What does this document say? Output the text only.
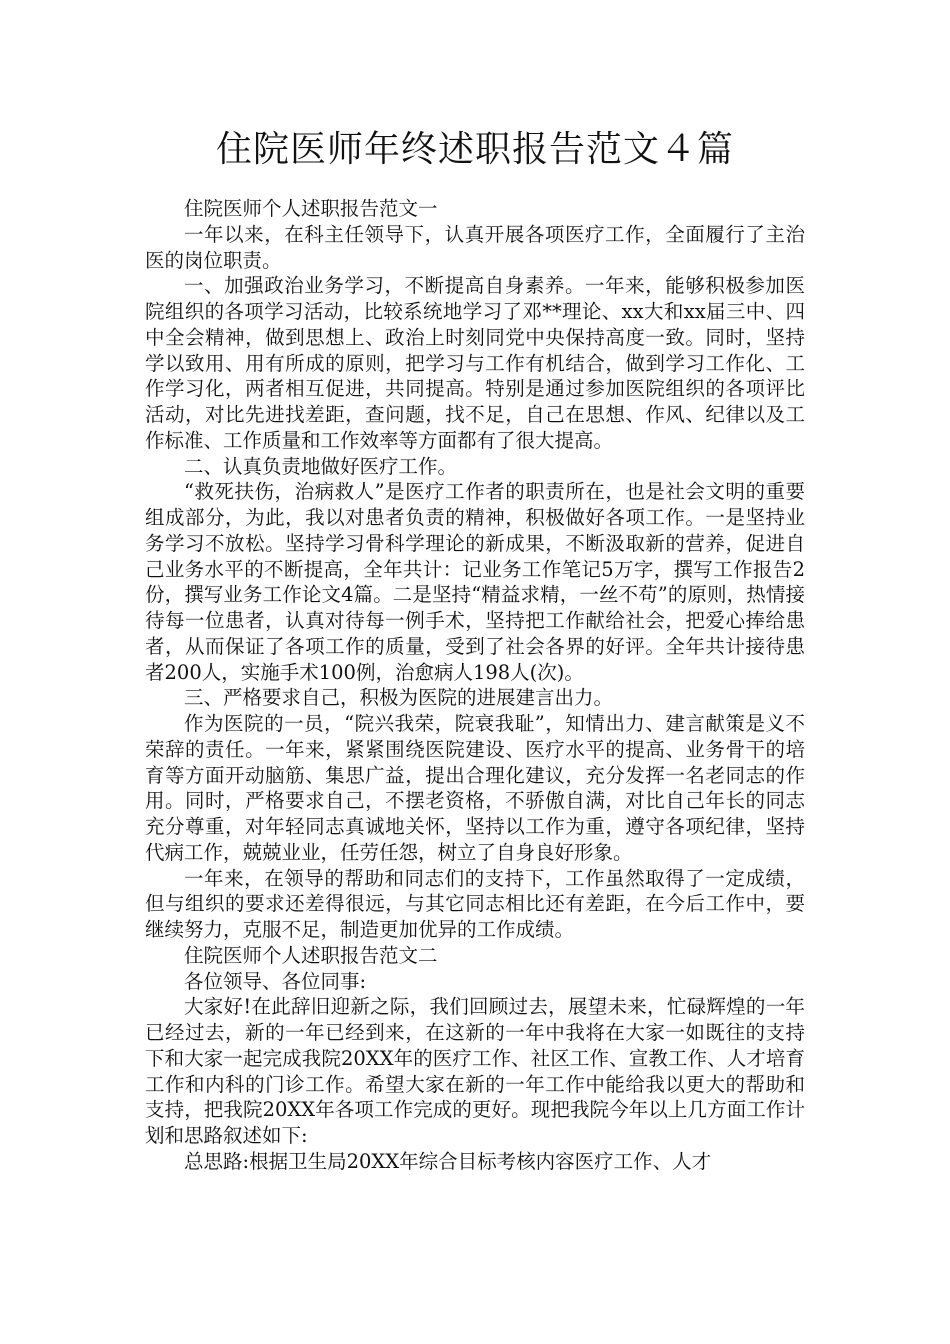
住院医师年终述职报告范文４篇

住院医师个人述职报告范文一

一年以来，在科主任领导下，认真开展各项医疗工作，全面履行了主治医的岗位职责。

一、加强政治业务学习，不断提高自身素养。一年来，能够积极参加医院组织的各项学习活动，比较系统地学习了邓**理论、xx大和xx届三中、四中全会精神，做到思想上、政治上时刻同党中央保持高度一致。同时，坚持学以致用、用有所成的原则，把学习与工作有机结合，做到学习工作化、工作学习化，两者相互促进，共同提高。特别是通过参加医院组织的各项评比活动，对比先进找差距，查问题，找不足，自己在思想、作风、纪律以及工作标准、工作质量和工作效率等方面都有了很大提高。

二、认真负责地做好医疗工作。

“救死扶伤，治病救人”是医疗工作者的职责所在，也是社会文明的重要组成部分，为此，我以对患者负责的精神，积极做好各项工作。一是坚持业务学习不放松。坚持学习骨科学理论的新成果，不断汲取新的营养，促进自己业务水平的不断提高，全年共计：记业务工作笔记5万字，撰写工作报告2份，撰写业务工作论文4篇。二是坚持“精益求精，一丝不苟”的原则，热情接待每一位患者，认真对待每一例手术，坚持把工作献给社会，把爱心捧给患者，从而保证了各项工作的质量，受到了社会各界的好评。全年共计接待患者200人，实施手术100例，治愈病人198人(次)。

三、严格要求自己，积极为医院的进展建言出力。

作为医院的一员，“院兴我荣，院衰我耻”，知情出力、建言献策是义不荣辞的责任。一年来，紧紧围绕医院建设、医疗水平的提高、业务骨干的培育等方面开动脑筋、集思广益，提出合理化建议，充分发挥一名老同志的作用。同时，严格要求自己，不摆老资格，不骄傲自满，对比自己年长的同志充分尊重，对年轻同志真诚地关怀，坚持以工作为重，遵守各项纪律，坚持代病工作，兢兢业业，任劳任怨，树立了自身良好形象。

一年来，在领导的帮助和同志们的支持下，工作虽然取得了一定成绩，但与组织的要求还差得很远，与其它同志相比还有差距，在今后工作中，要继续努力，克服不足，制造更加优异的工作成绩。

住院医师个人述职报告范文二

各位领导、各位同事:

大家好!在此辞旧迎新之际，我们回顾过去，展望未来，忙碌辉煌的一年已经过去，新的一年已经到来，在这新的一年中我将在大家一如既往的支持下和大家一起完成我院20XX年的医疗工作、社区工作、宣教工作、人才培育工作和内科的门诊工作。希望大家在新的一年工作中能给我以更大的帮助和支持，把我院20XX年各项工作完成的更好。现把我院今年以上几方面工作计划和思路叙述如下:

总思路:根据卫生局20XX年综合目标考核内容医疗工作、人才
